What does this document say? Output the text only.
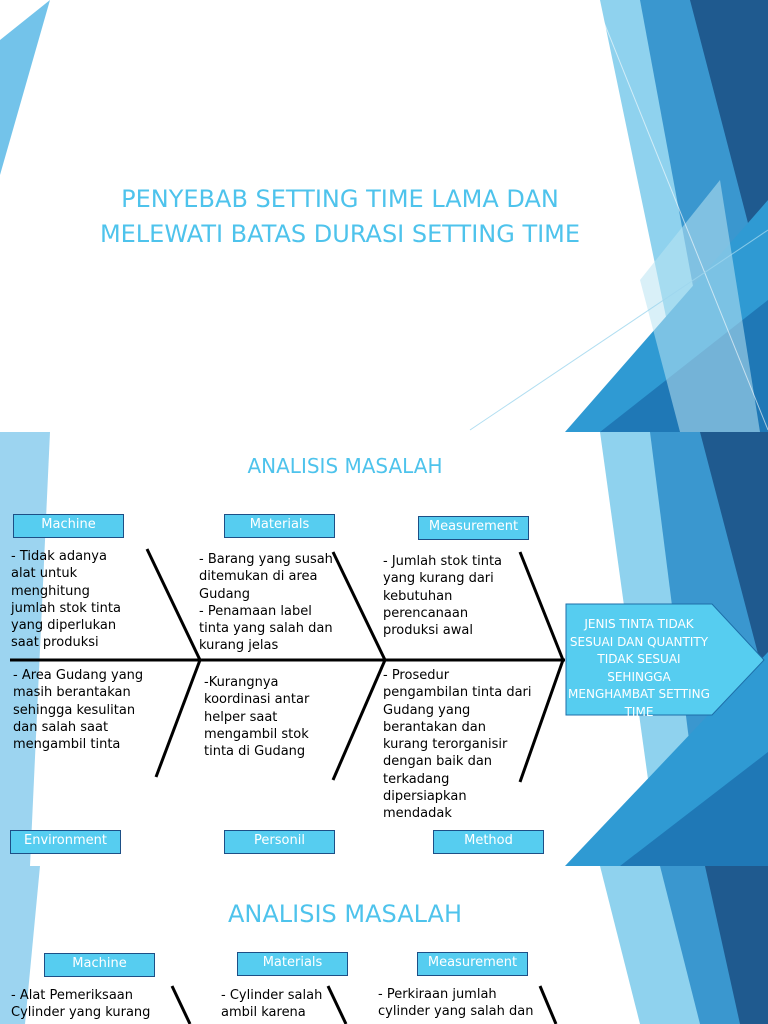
PENYEBAB SETTING TIME LAMA DAN MELEWATI BATAS DURASI SETTING TIME
ANALISIS MASALAH
Machine	Materials	Measurement
Environment	Personil	Method
- Tidak adanya
alat untuk
menghitung
jumlah stok tinta
yang diperlukan
saat produksi
- Barang yang susah
ditemukan di area
Gudang
- Penamaan label
tinta yang salah dan
kurang jelas
- Jumlah stok tinta
yang kurang dari
kebutuhan
perencanaan
produksi awal
- Area Gudang yang
masih berantakan
sehingga kesulitan
dan salah saat
mengambil tinta
-Kurangnya
koordinasi antar
helper saat
mengambil stok
tinta di Gudang
- Prosedur
pengambilan tinta dari
Gudang yang
berantakan dan
kurang terorganisir
dengan baik dan
terkadang
dipersiapkan
mendadak
JENIS TINTA TIDAK
SESUAI DAN QUANTITY
TIDAK SESUAI SEHINGGA
MENGHAMBAT SETTING
TIME
ANALISIS MASALAH
Machine	Materials	Measurement
- Alat Pemeriksaan
Cylinder yang kurang
- Cylinder salah
ambil karena
- Perkiraan jumlah
cylinder yang salah dan
